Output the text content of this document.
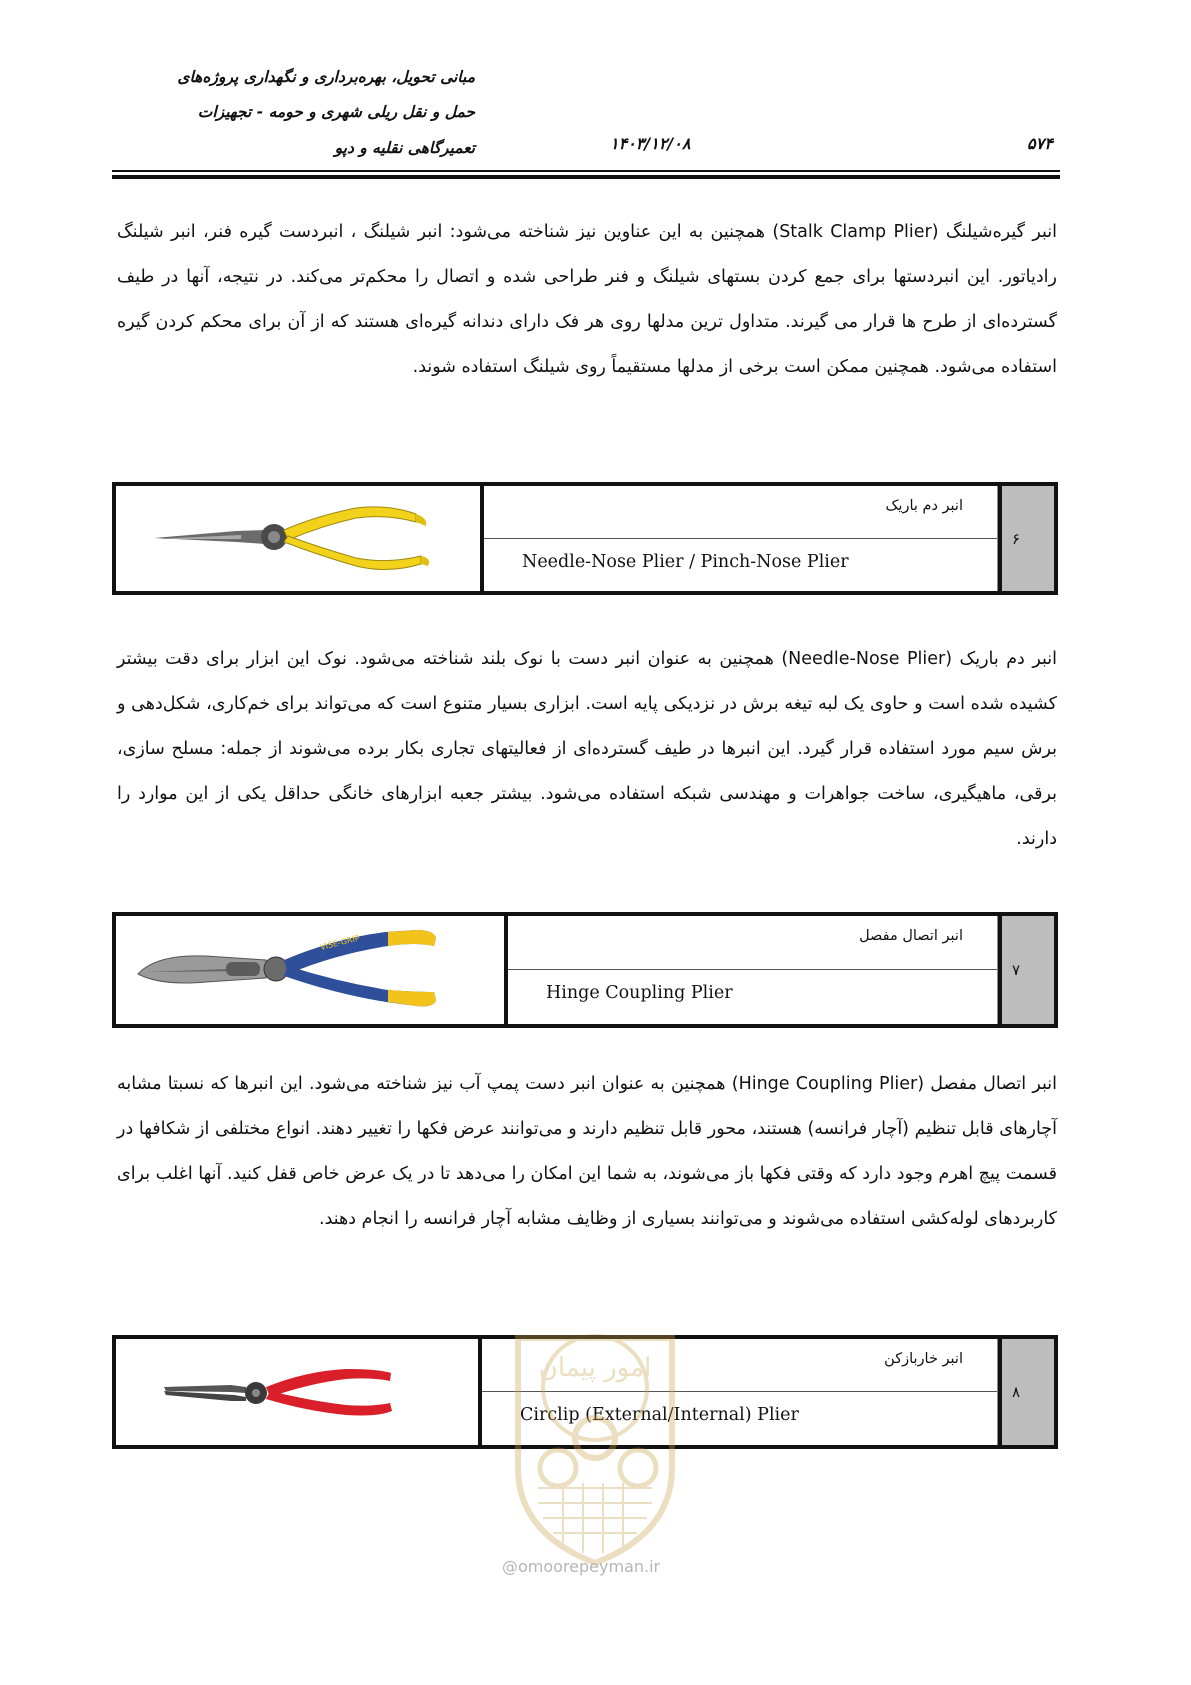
مبانی تحویل، بهره‌برداری و نگهداری پروژه‌های
حمل و نقل ریلی شهری و حومه - تجهیزات
تعمیرگاهی نقلیه و دپو	۱۴۰۳/۱۲/۰۸	۵۷۴

انبر گیره‌شیلنگ (Stalk Clamp Plier) همچنین به این عناوین نیز شناخته می‌شود: انبر شیلنگ ، انبردست گیره فنر، انبر شیلنگ رادیاتور. این انبردستها برای جمع کردن بستهای شیلنگ و فنر طراحی شده و اتصال را محکم‌تر می‌کند. در نتیجه، آنها در طیف گسترده‌ای از طرح ها قرار می گیرند. متداول ترین مدلها روی هر فک دارای دندانه گیره‌ای هستند که از آن برای محکم کردن گیره استفاده می‌شود. همچنین ممکن است برخی از مدلها مستقیماً روی شیلنگ استفاده شوند.

انبر دم باریک
Needle-Nose Plier / Pinch-Nose Plier
۶

انبر دم باریک (Needle-Nose Plier) همچنین به عنوان انبر دست با نوک بلند شناخته می‌شود. نوک این ابزار برای دقت بیشتر کشیده شده است و حاوی یک لبه تیغه برش در نزدیکی پایه است. ابزاری بسیار متنوع است که می‌تواند برای خم‌کاری، شکل‌دهی و برش سیم مورد استفاده قرار گیرد. این انبرها در طیف گسترده‌ای از فعالیتهای تجاری بکار برده می‌شوند از جمله: مسلح سازی، برقی، ماهیگیری، ساخت جواهرات و مهندسی شبکه استفاده می‌شود. بیشتر جعبه ابزارهای خانگی حداقل یکی از این موارد را دارند.

VISE-GRIP	انبر اتصال مفصل
Hinge Coupling Plier
۷

انبر اتصال مفصل (Hinge Coupling Plier) همچنین به عنوان انبر دست پمپ آب نیز شناخته می‌شود. این انبرها که نسبتا مشابه آچارهای قابل تنظیم (آچار فرانسه) هستند، محور قابل تنظیم دارند و می‌توانند عرض فکها را تغییر دهند. انواع مختلفی از شکافها در قسمت پیچ اهرم وجود دارد که وقتی فکها باز می‌شوند، به شما این امکان را می‌دهد تا در یک عرض خاص قفل کنید. آنها اغلب برای کاربردهای لوله‌کشی استفاده می‌شوند و می‌توانند بسیاری از وظایف مشابه آچار فرانسه را انجام دهند.

انبر خاربازکن
Circlip (External/Internal) Plier
۸
امور پیمان
@omoorepeyman.ir
